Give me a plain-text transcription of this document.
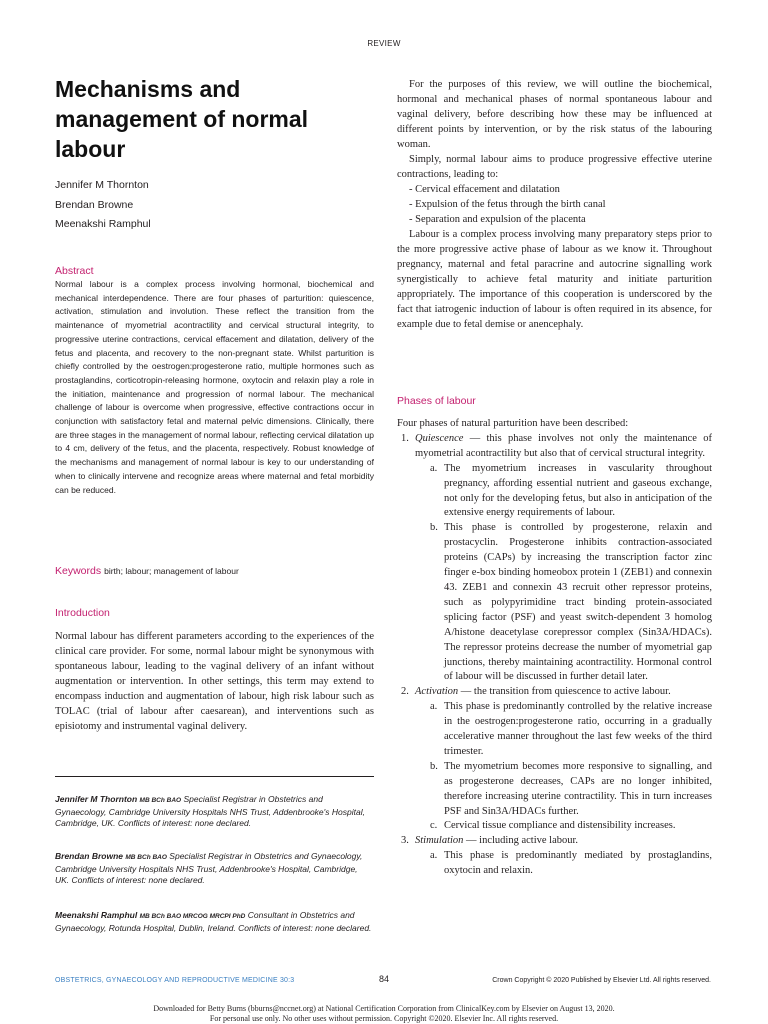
REVIEW
Mechanisms and management of normal labour
Jennifer M Thornton
Brendan Browne
Meenakshi Ramphul
Abstract
Normal labour is a complex process involving hormonal, biochemical and mechanical interdependence. There are four phases of parturition: quiescence, activation, stimulation and involution. These reflect the transition from the maintenance of myometrial acontractility and cervical structural integrity, to progressive uterine contractions, cervical effacement and dilatation, delivery of the fetus and placenta, and recovery to the non-pregnant state. Whilst parturition is chiefly controlled by the oestrogen:progesterone ratio, multiple hormones such as prostaglandins, corticotropin-releasing hormone, oxytocin and relaxin play a role in the initiation, maintenance and progression of normal labour. The mechanical challenge of labour is overcome when progressive, effective contractions occur in conjunction with satisfactory fetal and maternal pelvic dimensions. Clinically, there are three stages in the management of normal labour, reflecting cervical dilatation up to 4 cm, delivery of the fetus, and the placenta, respectively. Robust knowledge of the mechanisms and management of normal labour is key to our understanding of when to clinically intervene and recognize areas where maternal and fetal morbidity can be reduced.
Keywords birth; labour; management of labour
Introduction
Normal labour has different parameters according to the experiences of the clinical care provider. For some, normal labour might be synonymous with spontaneous labour, leading to the vaginal delivery of an infant without augmentation or intervention. In other settings, this term may extend to encompass induction and augmentation of labour, high risk labour such as TOLAC (trial of labour after caesarean), and interventions such as episiotomy and instrumental vaginal delivery.
Jennifer M Thornton MB BCh BAO Specialist Registrar in Obstetrics and Gynaecology, Cambridge University Hospitals NHS Trust, Addenbrooke's Hospital, Cambridge, UK. Conflicts of interest: none declared.
Brendan Browne MB BCh BAO Specialist Registrar in Obstetrics and Gynaecology, Cambridge University Hospitals NHS Trust, Addenbrooke's Hospital, Cambridge, UK. Conflicts of interest: none declared.
Meenakshi Ramphul MB BCh BAO MRCOG MRCPI PhD Consultant in Obstetrics and Gynaecology, Rotunda Hospital, Dublin, Ireland. Conflicts of interest: none declared.

For the purposes of this review, we will outline the biochemical, hormonal and mechanical phases of normal spontaneous labour and vaginal delivery, before describing how these may be influenced at different points by intervention, or by the risk status of the labouring woman.

Simply, normal labour aims to produce progressive effective uterine contractions, leading to:

- Cervical effacement and dilatation
- Expulsion of the fetus through the birth canal
- Separation and expulsion of the placenta

Labour is a complex process involving many preparatory steps prior to the more progressive active phase of labour as we know it. Throughout pregnancy, maternal and fetal paracrine and autocrine signalling work synergistically to achieve fetal maturity and initiate parturition appropriately. The importance of this cooperation is underscored by the fact that iatrogenic induction of labour is often required in its absence, for example due to fetal demise or anencephaly.

Phases of labour
Four phases of natural parturition have been described:
1. Quiescence — this phase involves not only the maintenance of myometrial acontractility but also that of cervical structural integrity.
a. The myometrium increases in vascularity throughout pregnancy, affording essential nutrient and gaseous exchange, not only for the developing fetus, but also in anticipation of the extensive energy requirements of labour.
b. This phase is controlled by progesterone, relaxin and prostacyclin. Progesterone inhibits contraction-associated proteins (CAPs) by increasing the transcription factor zinc finger e-box binding homeobox protein 1 (ZEB1) and connexin 43. ZEB1 and connexin 43 recruit other repressor proteins, such as polypyrimidine tract binding protein-associated splicing factor (PSF) and yeast switch-dependent 3 homolog A/histone deacetylase corepressor complex (Sin3A/HDACs). The repressor proteins decrease the number of myometrial gap junctions, thereby maintaining acontractility. Hormonal control of labour will be discussed in further detail later.
2. Activation — the transition from quiescence to active labour.
a. This phase is predominantly controlled by the relative increase in the oestrogen:progesterone ratio, occurring in a gradually accelerative manner throughout the last few weeks of the third trimester.
b. The myometrium becomes more responsive to signalling, and as progesterone decreases, CAPs are no longer inhibited, therefore increasing uterine contractility. This in turn increases PSF and Sin3A/HDACs further.
c. Cervical tissue compliance and distensibility increases.
3. Stimulation — including active labour.
a. This phase is predominantly mediated by prostaglandins, oxytocin and relaxin.
OBSTETRICS, GYNAECOLOGY AND REPRODUCTIVE MEDICINE 30:3	84	Crown Copyright © 2020 Published by Elsevier Ltd. All rights reserved.
Downloaded for Betty Burns (bburns@nccnet.org) at National Certification Corporation from ClinicalKey.com by Elsevier on August 13, 2020.
For personal use only. No other uses without permission. Copyright ©2020. Elsevier Inc. All rights reserved.
